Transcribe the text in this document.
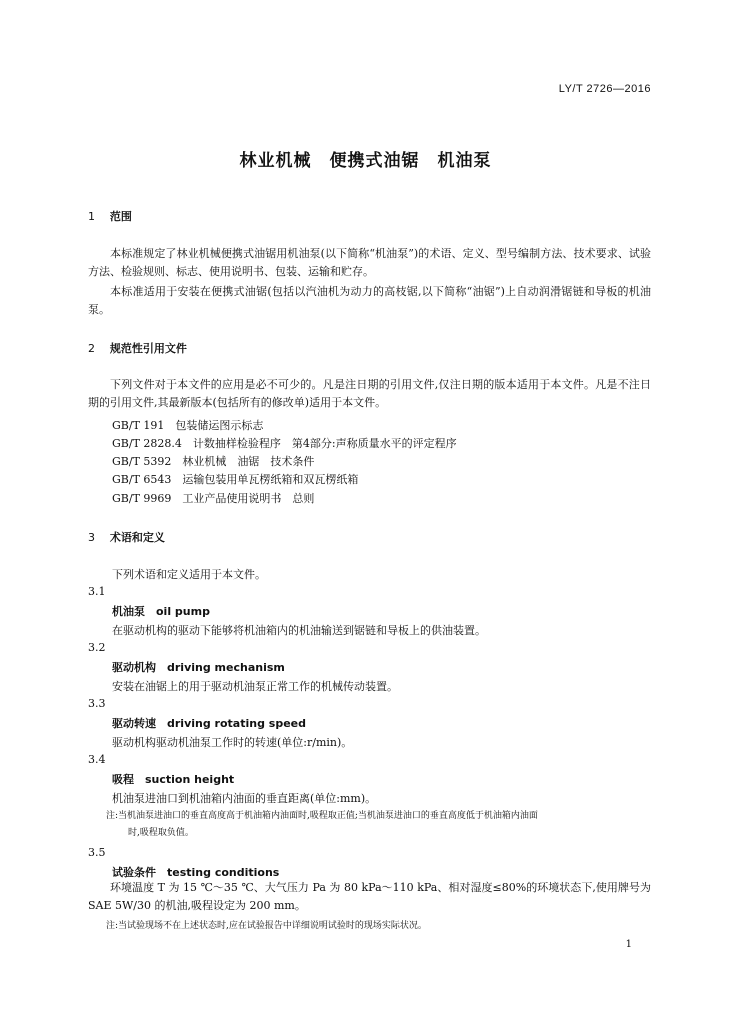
LY/T 2726—2016
林业机械　便携式油锯　机油泵
1 范围
本标准规定了林业机械便携式油锯用机油泵(以下简称“机油泵”)的术语、定义、型号编制方法、技术要求、试验方法、检验规则、标志、使用说明书、包装、运输和贮存。
本标准适用于安装在便携式油锯(包括以汽油机为动力的高枝锯,以下简称“油锯”)上自动润滑锯链和导板的机油泵。
2 规范性引用文件
下列文件对于本文件的应用是必不可少的。凡是注日期的引用文件,仅注日期的版本适用于本文件。凡是不注日期的引用文件,其最新版本(包括所有的修改单)适用于本文件。
GB/T 191　包装储运图示标志
GB/T 2828.4　计数抽样检验程序　第4部分:声称质量水平的评定程序
GB/T 5392　林业机械　油锯　技术条件
GB/T 6543　运输包装用单瓦楞纸箱和双瓦楞纸箱
GB/T 9969　工业产品使用说明书　总则
3 术语和定义
下列术语和定义适用于本文件。
3.1
机油泵　oil pump
在驱动机构的驱动下能够将机油箱内的机油输送到锯链和导板上的供油装置。
3.2
驱动机构　driving mechanism
安装在油锯上的用于驱动机油泵正常工作的机械传动装置。
3.3
驱动转速　driving rotating speed
驱动机构驱动机油泵工作时的转速(单位:r/min)。
3.4
吸程　suction height
机油泵进油口到机油箱内油面的垂直距离(单位:mm)。
注:当机油泵进油口的垂直高度高于机油箱内油面时,吸程取正值;当机油泵进油口的垂直高度低于机油箱内油面
时,吸程取负值。
3.5
试验条件　testing conditions
环境温度 T 为 15 ℃～35 ℃、大气压力 Pa 为 80 kPa～110 kPa、相对湿度≤80%的环境状态下,使用牌号为 SAE 5W/30 的机油,吸程设定为 200 mm。
注:当试验现场不在上述状态时,应在试验报告中详细说明试验时的现场实际状况。
1
